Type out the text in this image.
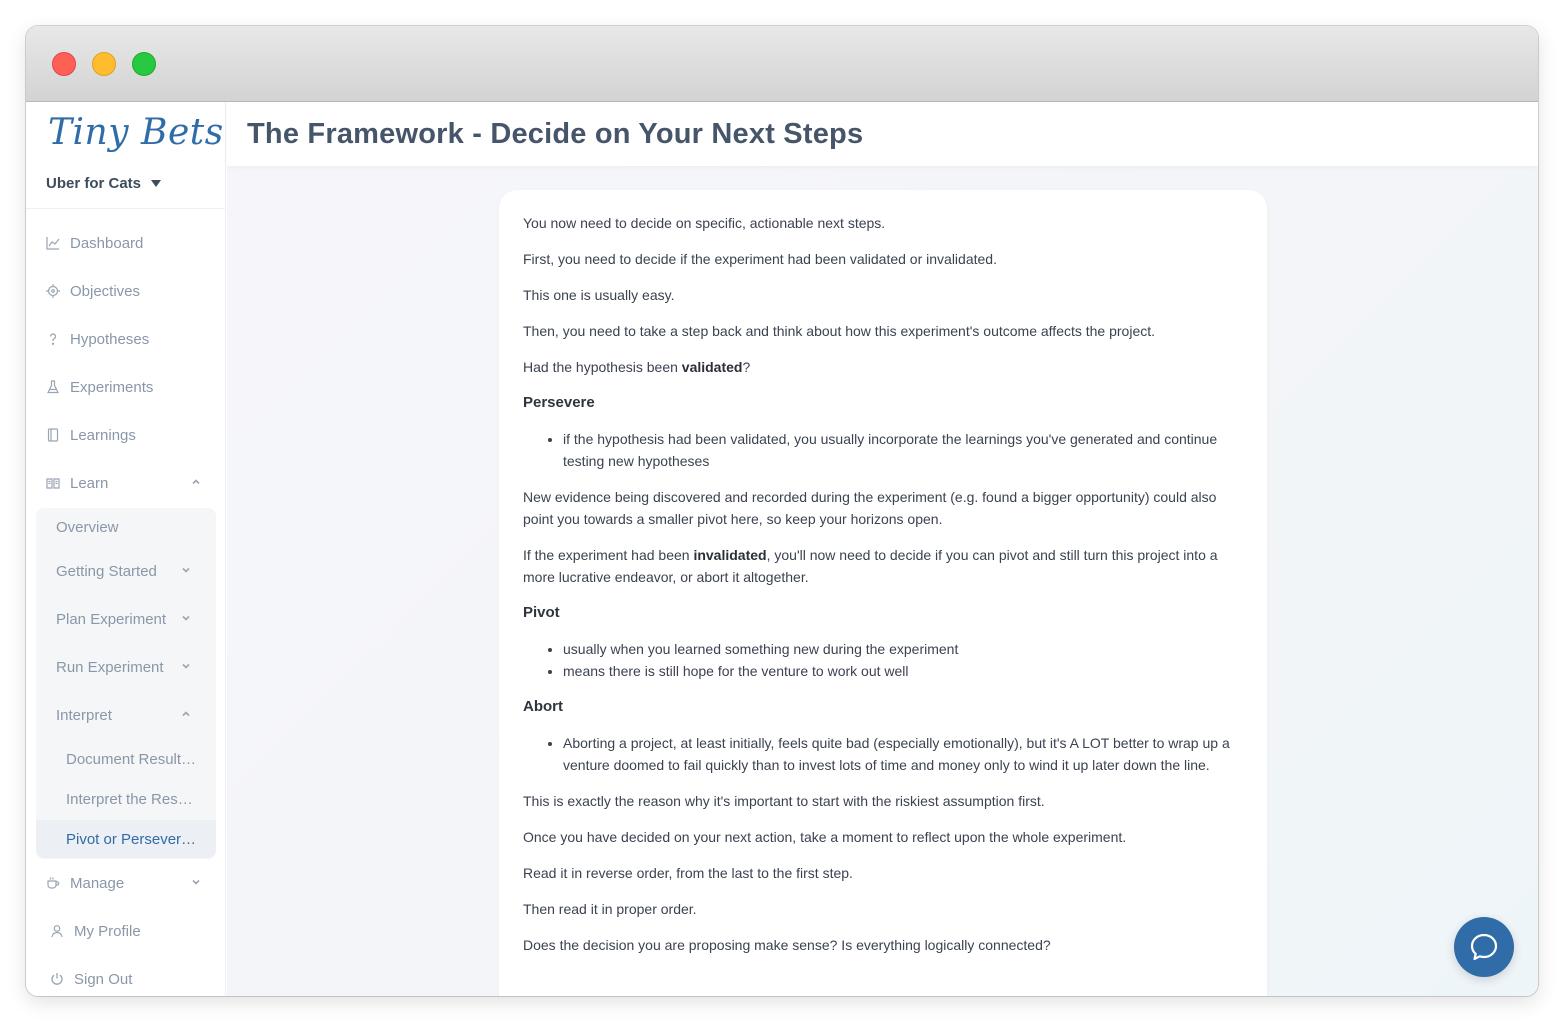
Tiny Bets
Uber for Cats
Dashboard
Objectives
Hypotheses
Experiments
Learnings
Learn
Overview
Getting Started
Plan Experiment
Run Experiment
Interpret
Document Result…
Interpret the Res…
Pivot or Persever…
Manage
My Profile
Sign Out
The Framework - Decide on Your Next Steps

You now need to decide on specific, actionable next steps.

First, you need to decide if the experiment had been validated or invalidated.

This one is usually easy.

Then, you need to take a step back and think about how this experiment's outcome affects the project.

Had the hypothesis been validated?

Persevere
• if the hypothesis had been validated, you usually incorporate the learnings you've generated and continue testing new hypotheses

New evidence being discovered and recorded during the experiment (e.g. found a bigger opportunity) could also point you towards a smaller pivot here, so keep your horizons open.

If the experiment had been invalidated, you'll now need to decide if you can pivot and still turn this project into a more lucrative endeavor, or abort it altogether.

Pivot
• usually when you learned something new during the experiment
• means there is still hope for the venture to work out well
Abort
• Aborting a project, at least initially, feels quite bad (especially emotionally), but it's A LOT better to wrap up a venture doomed to fail quickly than to invest lots of time and money only to wind it up later down the line.

This is exactly the reason why it's important to start with the riskiest assumption first.

Once you have decided on your next action, take a moment to reflect upon the whole experiment.

Read it in reverse order, from the last to the first step.

Then read it in proper order.

Does the decision you are proposing make sense? Is everything logically connected?
